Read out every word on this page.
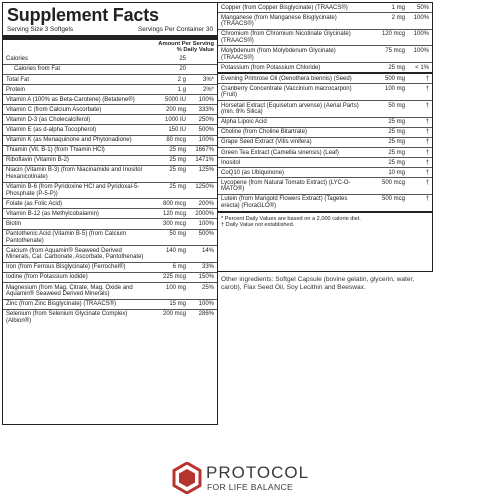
Supplement Facts
Serving Size 3 Softgels	Servings Per Container 30
Amount Per Serving
% Daily Value
Calories	25
Calories from Fat	20
Total Fat	2 g	3%*
Protein	1 g	2%*
Vitamin A (100% as Beta-Carotene) (Betatene®)	5000 IU	100%
Vitamin C (from Calcium Ascorbate)	200 mg	333%
Vitamin D-3 (as Cholecalciferol)	1000 IU	250%
Vitamin E (as d-alpha Tocopherol)	150 IU	500%
Vitamin K (as Menaquinone and Phytonadione)	80 mcg	100%
Thiamin (Vit. B-1) (from Thiamin HCl)	25 mg	1667%
Riboflavin (Vitamin B-2)	25 mg	1471%
Niacin (Vitamin B-3) (from Niacinamide and Inositol Hexanicotinate)
25 mg	125%
Vitamin B-6 (from Pyridoxine HCl and Pyridoxal-5-Phosphate (P-5-P))
25 mg	1250%
Folate (as Folic Acid)	800 mcg	200%
Vitamin B-12 (as Methylcobalamin)	120 mcg	2000%
Biotin	300 mcg	100%
Pantothenic Acid (Vitamin B-5) (from Calcium Pantothenate)
50 mg	500%
Calcium (from Aquamin® Seaweed Derived Minerals, Cal. Carbonate, Ascorbate, Pantothenate)
140 mg	14%
Iron (from Ferrous Bisglycinate) (Ferrochel®)	6 mg	33%
Iodine (from Potassium Iodide)	225 mcg	150%
Magnesium (from Mag. Citrate, Mag. Oxide and Aquamin® Seaweed Derived Minerals)
100 mg	25%
Zinc (from Zinc Bisglycinate) (TRAACS®)	15 mg	100%
Selenium (from Selenium Glycinate Complex) (Albion®)
200 mcg	286%
Copper (from Copper Bisglycinate) (TRAACS®)	1 mg	50%
Manganese (from Manganese Bisglycinate) (TRAACS®)
2 mg	100%
Chromium (from Chromium Nicotinate Glycinate) (TRAACS®)
120 mcg	100%
Molybdenum (from Molybdenum Glycinate) (TRAACS®)
75 mcg	100%
Potassium (from Potassium Chloride)	25 mg	< 1%
Evening Primrose Oil (Oenothera biennis) (Seed)	500 mg	†
Cranberry Concentrate (Vaccinium macrocarpon) (Fruit)
100 mg	†
Horsetail Extract (Equisetum arvense) (Aerial Parts) (min. 8% Silica)
50 mg	†
Alpha Lipoic Acid	25 mg	†
Choline (from Choline Bitartrate)	25 mg	†
Grape Seed Extract (Vitis vinifera)	25 mg	†
Green Tea Extract (Camellia sinensis) (Leaf)	25 mg	†
Inositol	25 mg	†
CoQ10 (as Ubiquinone)	10 mg	†
Lycopene (from Natural Tomato Extract) (LYC-O-MATO®)
500 mcg	†
Lutein (from Marigold Flowers Extract) (Tagetes erecta) (FloraGLO®)
500 mcg	†
* Percent Daily Values are based on a 2,000 calorie diet.
† Daily Value not established.
Other ingredients: Softgel Capsule (bovine gelatin, glycerin, water, carob), Flax Seed Oil, Soy Lecithin and Beeswax.
PROTOCOL
FOR LIFE BALANCE
